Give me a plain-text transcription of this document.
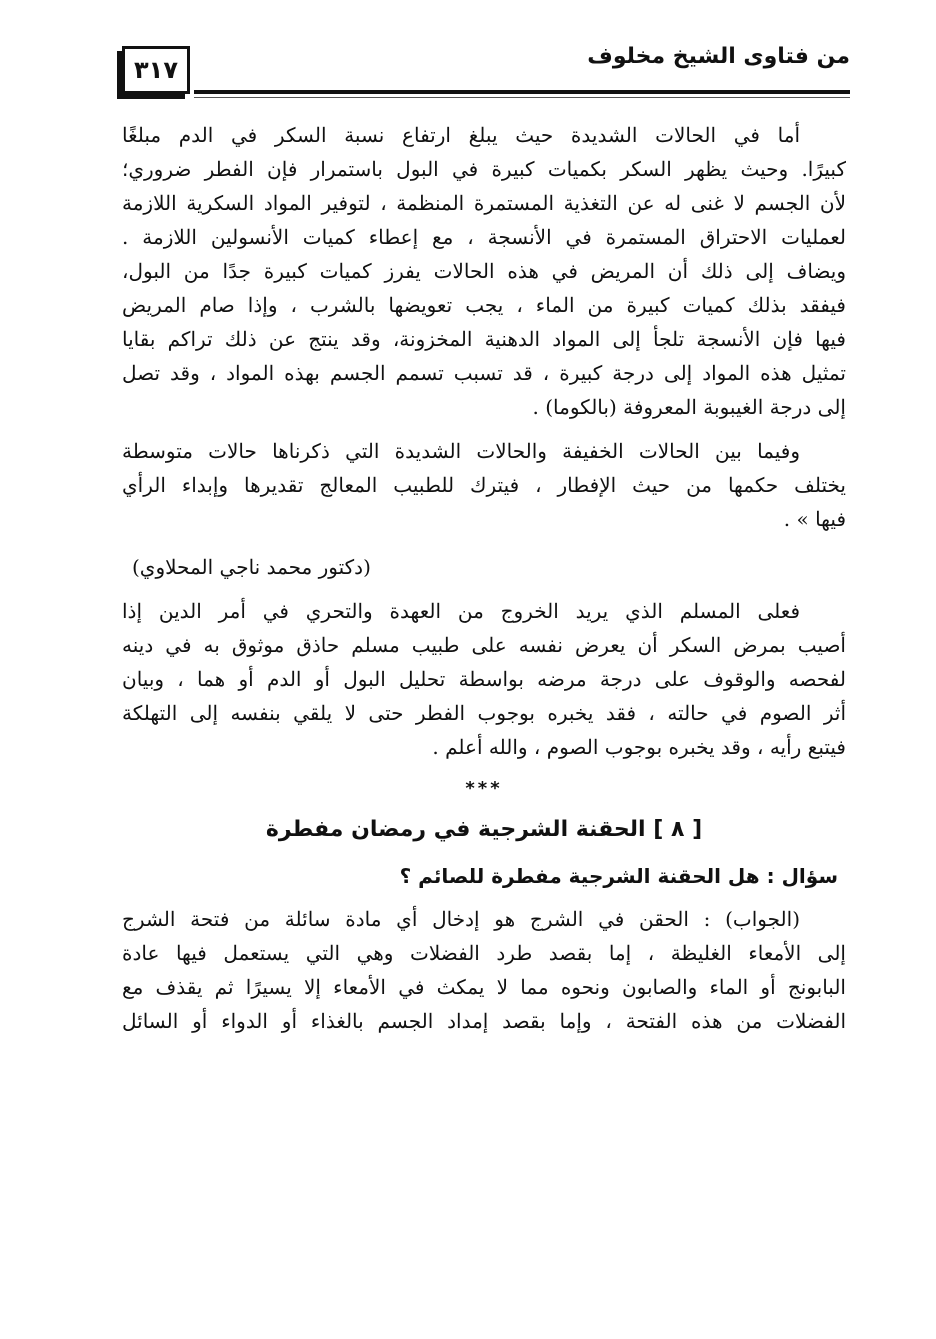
٣١٧	من فتاوى الشيخ مخلوف
أما في الحالات الشديدة حيث يبلغ ارتفاع نسبة السكر في الدم مبلغًا
كبيرًا. وحيث يظهر السكر بكميات كبيرة في البول باستمرار فإن الفطر ضروري؛
لأن الجسم لا غنى له عن التغذية المستمرة المنظمة ، لتوفير المواد السكرية اللازمة
لعمليات الاحتراق المستمرة في الأنسجة ، مع إعطاء كميات الأنسولين اللازمة .
ويضاف إلى ذلك أن المريض في هذه الحالات يفرز كميات كبيرة جدًا من البول،
فيفقد بذلك كميات كبيرة من الماء ، يجب تعويضها بالشرب ، وإذا صام المريض
فيها فإن الأنسجة تلجأ إلى المواد الدهنية المخزونة، وقد ينتج عن ذلك تراكم بقايا
تمثيل هذه المواد إلى درجة كبيرة ، قد تسبب تسمم الجسم بهذه المواد ، وقد تصل
إلى درجة الغيبوبة المعروفة (بالكوما) .
وفيما بين الحالات الخفيفة والحالات الشديدة التي ذكرناها حالات متوسطة
يختلف حكمها من حيث الإفطار ، فيترك للطبيب المعالج تقديرها وإبداء الرأي
فيها » .
(دكتور محمد ناجي المحلاوي)
فعلى المسلم الذي يريد الخروج من العهدة والتحري في أمر الدين إذا
أصيب بمرض السكر أن يعرض نفسه على طبيب مسلم حاذق موثوق به في دينه
لفحصه والوقوف على درجة مرضه بواسطة تحليل البول أو الدم أو هما ، وبيان
أثر الصوم في حالته ، فقد يخبره بوجوب الفطر حتى لا يلقي بنفسه إلى التهلكة
فيتبع رأيه ، وقد يخبره بوجوب الصوم ، والله أعلم .
***
[ ٨ ] الحقنة الشرجية في رمضان مفطرة
سؤال : هل الحقنة الشرجية مفطرة للصائم ؟
(الجواب) : الحقن في الشرج هو إدخال أي مادة سائلة من فتحة الشرج
إلى الأمعاء الغليظة ، إما بقصد طرد الفضلات وهي التي يستعمل فيها عادة
البابونج أو الماء والصابون ونحوه مما لا يمكث في الأمعاء إلا يسيرًا ثم يقذف مع
الفضلات من هذه الفتحة ، وإما بقصد إمداد الجسم بالغذاء أو الدواء أو السائل
